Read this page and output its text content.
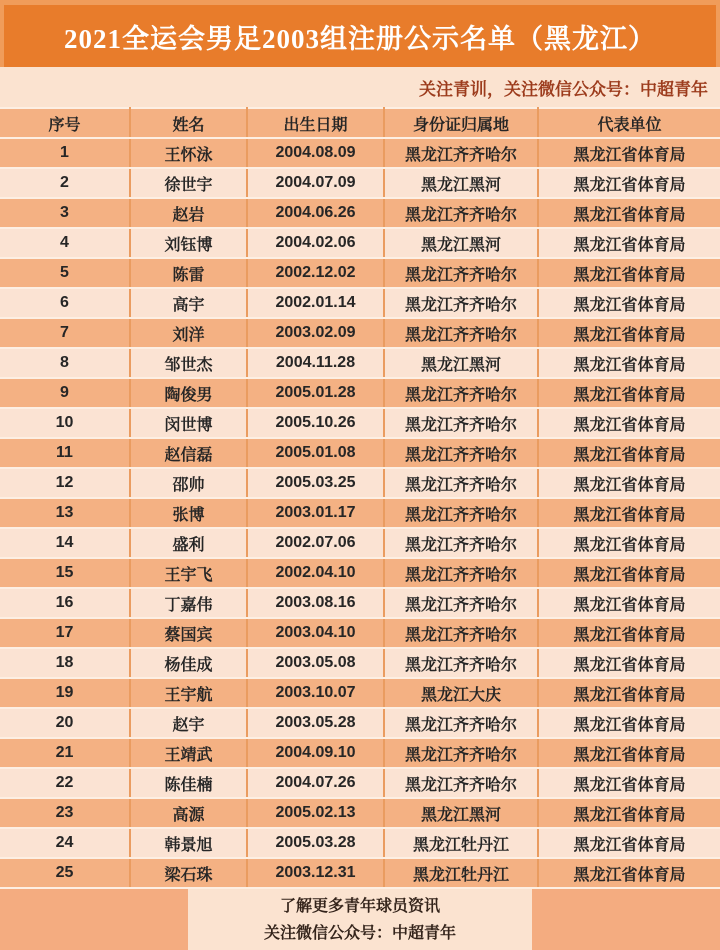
2021全运会男足2003组注册公示名单（黑龙江）
关注青训，关注微信公众号：中超青年
序号	姓名	出生日期	身份证归属地	代表单位
1	王怀泳	2004.08.09	黑龙江齐齐哈尔	黑龙江省体育局
2	徐世宇	2004.07.09	黑龙江黑河	黑龙江省体育局
3	赵岩	2004.06.26	黑龙江齐齐哈尔	黑龙江省体育局
4	刘钰博	2004.02.06	黑龙江黑河	黑龙江省体育局
5	陈雷	2002.12.02	黑龙江齐齐哈尔	黑龙江省体育局
6	高宇	2002.01.14	黑龙江齐齐哈尔	黑龙江省体育局
7	刘洋	2003.02.09	黑龙江齐齐哈尔	黑龙江省体育局
8	邹世杰	2004.11.28	黑龙江黑河	黑龙江省体育局
9	陶俊男	2005.01.28	黑龙江齐齐哈尔	黑龙江省体育局
10	闵世博	2005.10.26	黑龙江齐齐哈尔	黑龙江省体育局
11	赵信磊	2005.01.08	黑龙江齐齐哈尔	黑龙江省体育局
12	邵帅	2005.03.25	黑龙江齐齐哈尔	黑龙江省体育局
13	张博	2003.01.17	黑龙江齐齐哈尔	黑龙江省体育局
14	盛利	2002.07.06	黑龙江齐齐哈尔	黑龙江省体育局
15	王宇飞	2002.04.10	黑龙江齐齐哈尔	黑龙江省体育局
16	丁嘉伟	2003.08.16	黑龙江齐齐哈尔	黑龙江省体育局
17	蔡国宾	2003.04.10	黑龙江齐齐哈尔	黑龙江省体育局
18	杨佳成	2003.05.08	黑龙江齐齐哈尔	黑龙江省体育局
19	王宇航	2003.10.07	黑龙江大庆	黑龙江省体育局
20	赵宇	2003.05.28	黑龙江齐齐哈尔	黑龙江省体育局
21	王靖武	2004.09.10	黑龙江齐齐哈尔	黑龙江省体育局
22	陈佳楠	2004.07.26	黑龙江齐齐哈尔	黑龙江省体育局
23	高源	2005.02.13	黑龙江黑河	黑龙江省体育局
24	韩景旭	2005.03.28	黑龙江牡丹江	黑龙江省体育局
25	梁石珠	2003.12.31	黑龙江牡丹江	黑龙江省体育局
了解更多青年球员资讯
关注微信公众号：中超青年
